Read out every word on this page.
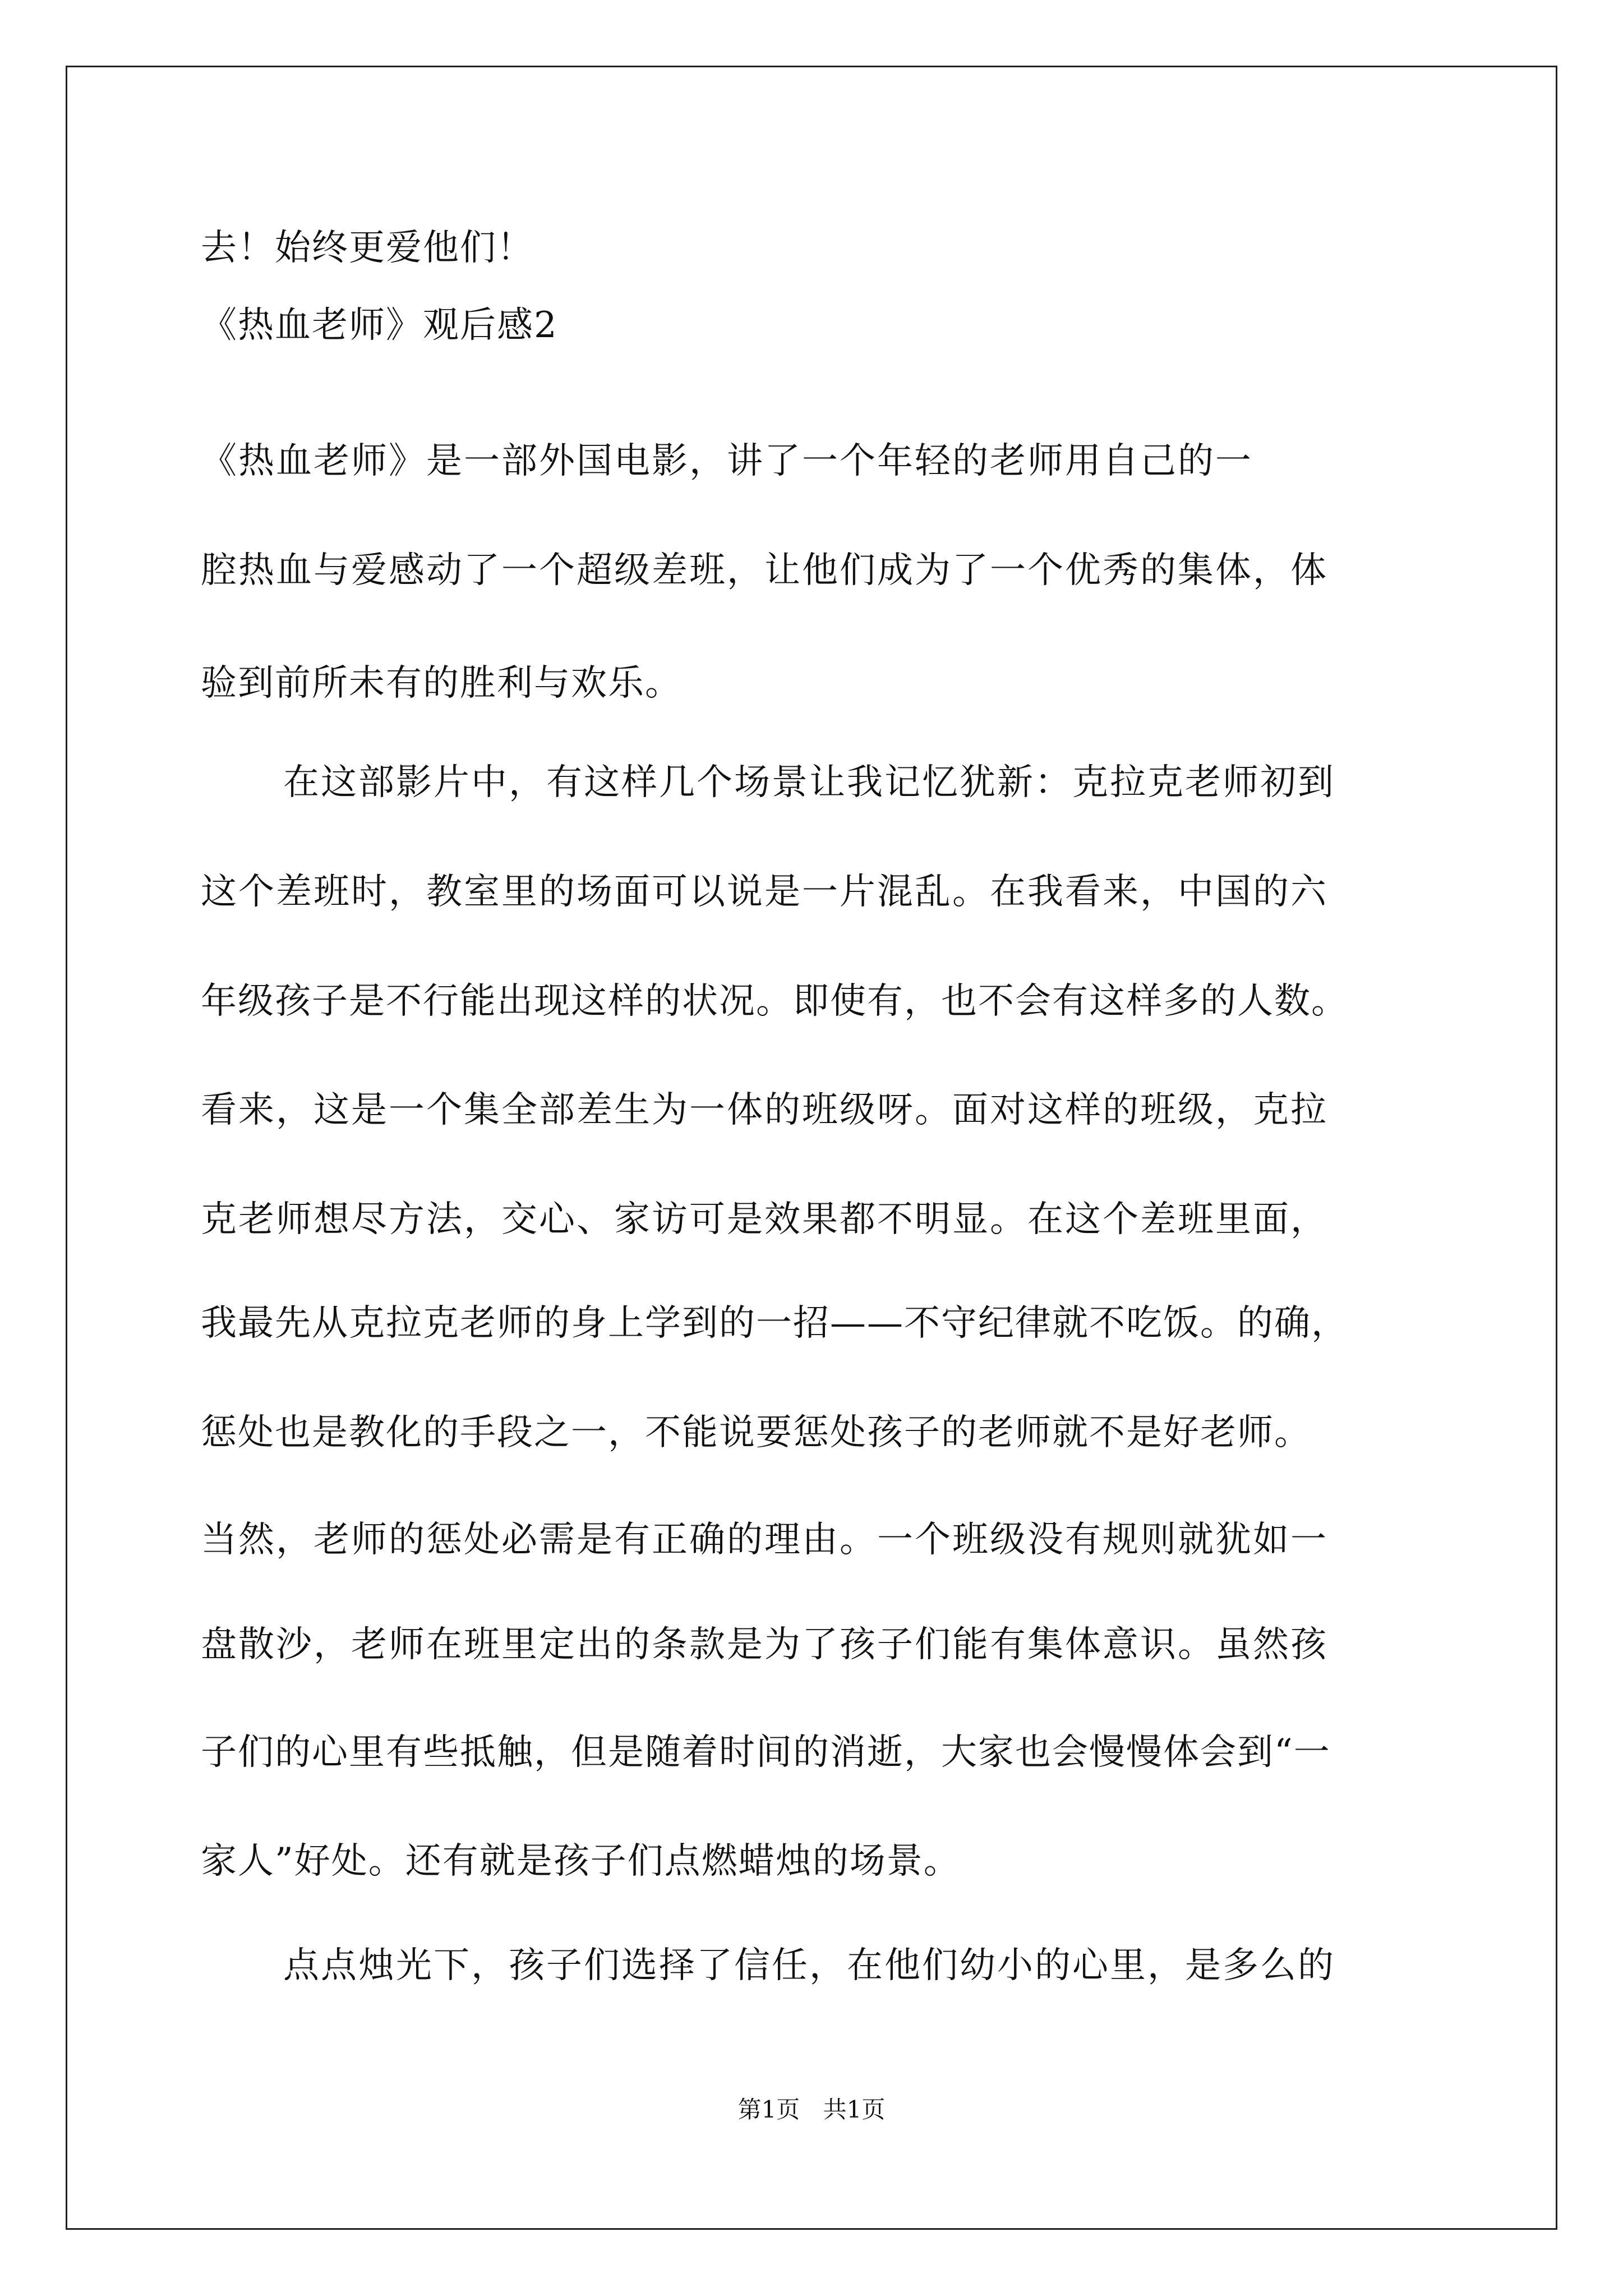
去！始终更爱他们！
《热血老师》观后感2
《热血老师》是一部外国电影，讲了一个年轻的老师用自己的一
腔热血与爱感动了一个超级差班，让他们成为了一个优秀的集体，体
验到前所未有的胜利与欢乐。
在这部影片中，有这样几个场景让我记忆犹新：克拉克老师初到
这个差班时，教室里的场面可以说是一片混乱。在我看来，中国的六
年级孩子是不行能出现这样的状况。即使有，也不会有这样多的人数。
看来，这是一个集全部差生为一体的班级呀。面对这样的班级，克拉
克老师想尽方法，交心、家访可是效果都不明显。在这个差班里面，
我最先从克拉克老师的身上学到的一招——不守纪律就不吃饭。的确，
惩处也是教化的手段之一，不能说要惩处孩子的老师就不是好老师。
当然，老师的惩处必需是有正确的理由。一个班级没有规则就犹如一
盘散沙，老师在班里定出的条款是为了孩子们能有集体意识。虽然孩
子们的心里有些抵触，但是随着时间的消逝，大家也会慢慢体会到“一
家人”好处。还有就是孩子们点燃蜡烛的场景。
点点烛光下，孩子们选择了信任，在他们幼小的心里，是多么的
第1页 共1页
